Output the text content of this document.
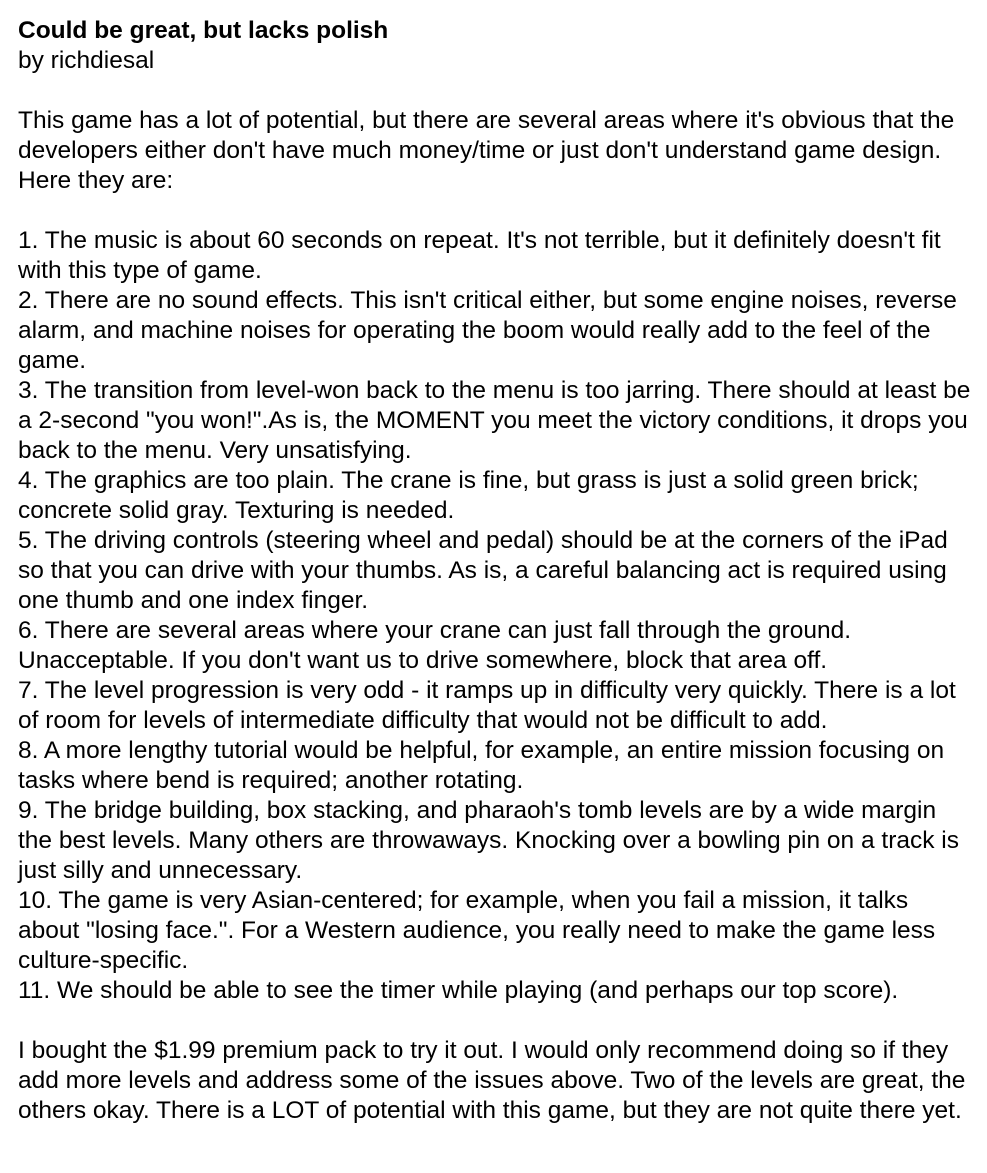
Could be great, but lacks polish

by richdiesal

This game has a lot of potential, but there are several areas where it's obvious that the developers either don't have much money/time or just don't understand game design. Here they are:

1. The music is about 60 seconds on repeat. It's not terrible, but it definitely doesn't fit with this type of game.
2. There are no sound effects. This isn't critical either, but some engine noises, reverse alarm, and machine noises for operating the boom would really add to the feel of the game.
3. The transition from level-won back to the menu is too jarring. There should at least be a 2-second "you won!".As is, the MOMENT you meet the victory conditions, it drops you back to the menu. Very unsatisfying.
4. The graphics are too plain. The crane is fine, but grass is just a solid green brick; concrete solid gray. Texturing is needed.
5. The driving controls (steering wheel and pedal) should be at the corners of the iPad so that you can drive with your thumbs. As is, a careful balancing act is required using one thumb and one index finger.
6. There are several areas where your crane can just fall through the ground. Unacceptable. If you don't want us to drive somewhere, block that area off.
7. The level progression is very odd - it ramps up in difficulty very quickly. There is a lot of room for levels of intermediate difficulty that would not be difficult to add.
8. A more lengthy tutorial would be helpful, for example, an entire mission focusing on tasks where bend is required; another rotating.
9. The bridge building, box stacking, and pharaoh's tomb levels are by a wide margin the best levels. Many others are throwaways. Knocking over a bowling pin on a track is just silly and unnecessary.
10. The game is very Asian-centered; for example, when you fail a mission, it talks about "losing face.". For a Western audience, you really need to make the game less culture-specific.
11. We should be able to see the timer while playing (and perhaps our top score).

I bought the $1.99 premium pack to try it out. I would only recommend doing so if they add more levels and address some of the issues above. Two of the levels are great, the others okay. There is a LOT of potential with this game, but they are not quite there yet.
